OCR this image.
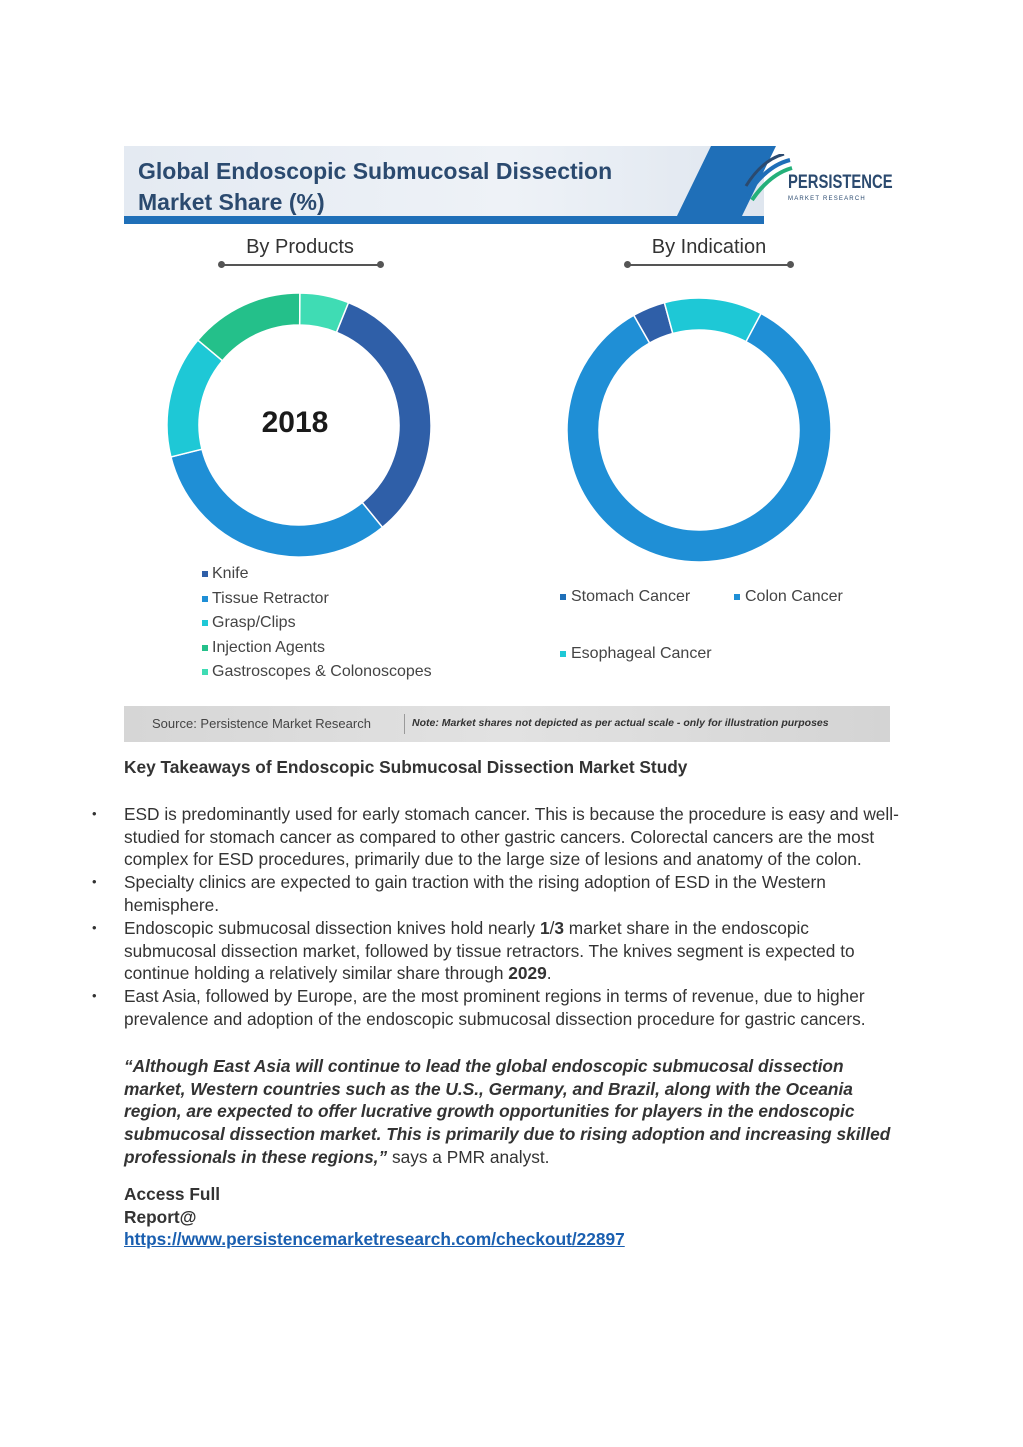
Global Endoscopic Submucosal Dissection
Market Share (%)
PERSISTENCE
MARKET RESEARCH
By Products	By Indication
2018
Knife
Tissue Retractor
Grasp/Clips
Injection Agents
Gastroscopes & Colonoscopes
Stomach Cancer	Colon Cancer
Esophageal Cancer
Source: Persistence Market Research	Note: Market shares not depicted as per actual scale - only for illustration purposes

Key Takeaways of Endoscopic Submucosal Dissection Market Study

• ESD is predominantly used for early stomach cancer. This is because the procedure is easy and well-studied for stomach cancer as compared to other gastric cancers. Colorectal cancers are the most complex for ESD procedures, primarily due to the large size of lesions and anatomy of the colon.
• Specialty clinics are expected to gain traction with the rising adoption of ESD in the Western hemisphere.
• Endoscopic submucosal dissection knives hold nearly 1/3 market share in the endoscopic submucosal dissection market, followed by tissue retractors. The knives segment is expected to continue holding a relatively similar share through 2029.
• East Asia, followed by Europe, are the most prominent regions in terms of revenue, due to higher prevalence and adoption of the endoscopic submucosal dissection procedure for gastric cancers.

“Although East Asia will continue to lead the global endoscopic submucosal dissection market, Western countries such as the U.S., Germany, and Brazil, along with the Oceania region, are expected to offer lucrative growth opportunities for players in the endoscopic submucosal dissection market. This is primarily due to rising adoption and increasing skilled professionals in these regions,” says a PMR analyst.

Access Full Report@ https://www.persistencemarketresearch.com/checkout/22897
